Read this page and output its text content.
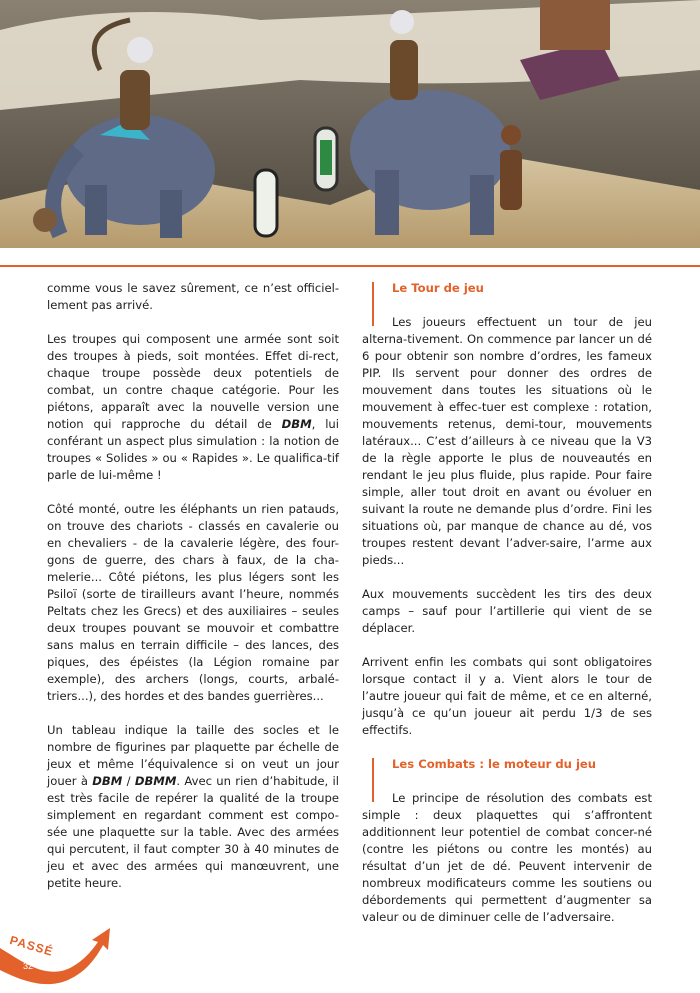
comme vous le savez sûrement, ce n’est officiel-lement pas arrivé.

Les troupes qui composent une armée sont soit des troupes à pieds, soit montées. Effet di-rect, chaque troupe possède deux potentiels de combat, un contre chaque catégorie. Pour les piétons, apparaît avec la nouvelle version une notion qui rapproche du détail de DBM, lui conférant un aspect plus simulation : la notion de troupes « Solides » ou « Rapides ». Le qualifica-tif parle de lui-même !

Côté monté, outre les éléphants un rien patauds, on trouve des chariots - classés en cavalerie ou en chevaliers - de la cavalerie légère, des four-gons de guerre, des chars à faux, de la cha-melerie... Côté piétons, les plus légers sont les Psiloï (sorte de tirailleurs avant l’heure, nommés Peltats chez les Grecs) et des auxiliaires – seules deux troupes pouvant se mouvoir et combattre sans malus en terrain difficile – des lances, des piques, des épéistes (la Légion romaine par exemple), des archers (longs, courts, arbalé-triers...), des hordes et des bandes guerrières...

Un tableau indique la taille des socles et le nombre de figurines par plaquette par échelle de jeux et même l’équivalence si on veut un jour jouer à DBM / DBMM. Avec un rien d’habitude, il est très facile de repérer la qualité de la troupe simplement en regardant comment est compo-sée une plaquette sur la table. Avec des armées qui percutent, il faut compter 30 à 40 minutes de jeu et avec des armées qui manœuvrent, une petite heure.

Le Tour de jeu

Les joueurs effectuent un tour de jeu alterna-tivement. On commence par lancer un dé 6 pour obtenir son nombre d’ordres, les fameux PIP. Ils servent pour donner des ordres de mouvement dans toutes les situations où le mouvement à effec-tuer est complexe : rotation, mouvements retenus, demi-tour, mouvements latéraux... C’est d’ailleurs à ce niveau que la V3 de la règle apporte le plus de nouveautés en rendant le jeu plus fluide, plus rapide. Pour faire simple, aller tout droit en avant ou évoluer en suivant la route ne demande plus d’ordre. Fini les situations où, par manque de chance au dé, vos troupes restent devant l’adver-saire, l’arme aux pieds...

Aux mouvements succèdent les tirs des deux camps – sauf pour l’artillerie qui vient de se déplacer.

Arrivent enfin les combats qui sont obligatoires lorsque contact il y a. Vient alors le tour de l’autre joueur qui fait de même, et ce en alterné, jusqu’à ce qu’un joueur ait perdu 1/3 de ses effectifs.

Les Combats : le moteur du jeu

Le principe de résolution des combats est simple : deux plaquettes qui s’affrontent additionnent leur potentiel de combat concer-né (contre les piétons ou contre les montés) au résultat d’un jet de dé. Peuvent intervenir de nombreux modificateurs comme les soutiens ou débordements qui permettent d’augmenter sa valeur ou de diminuer celle de l’adversaire.

PASSÉ
32
